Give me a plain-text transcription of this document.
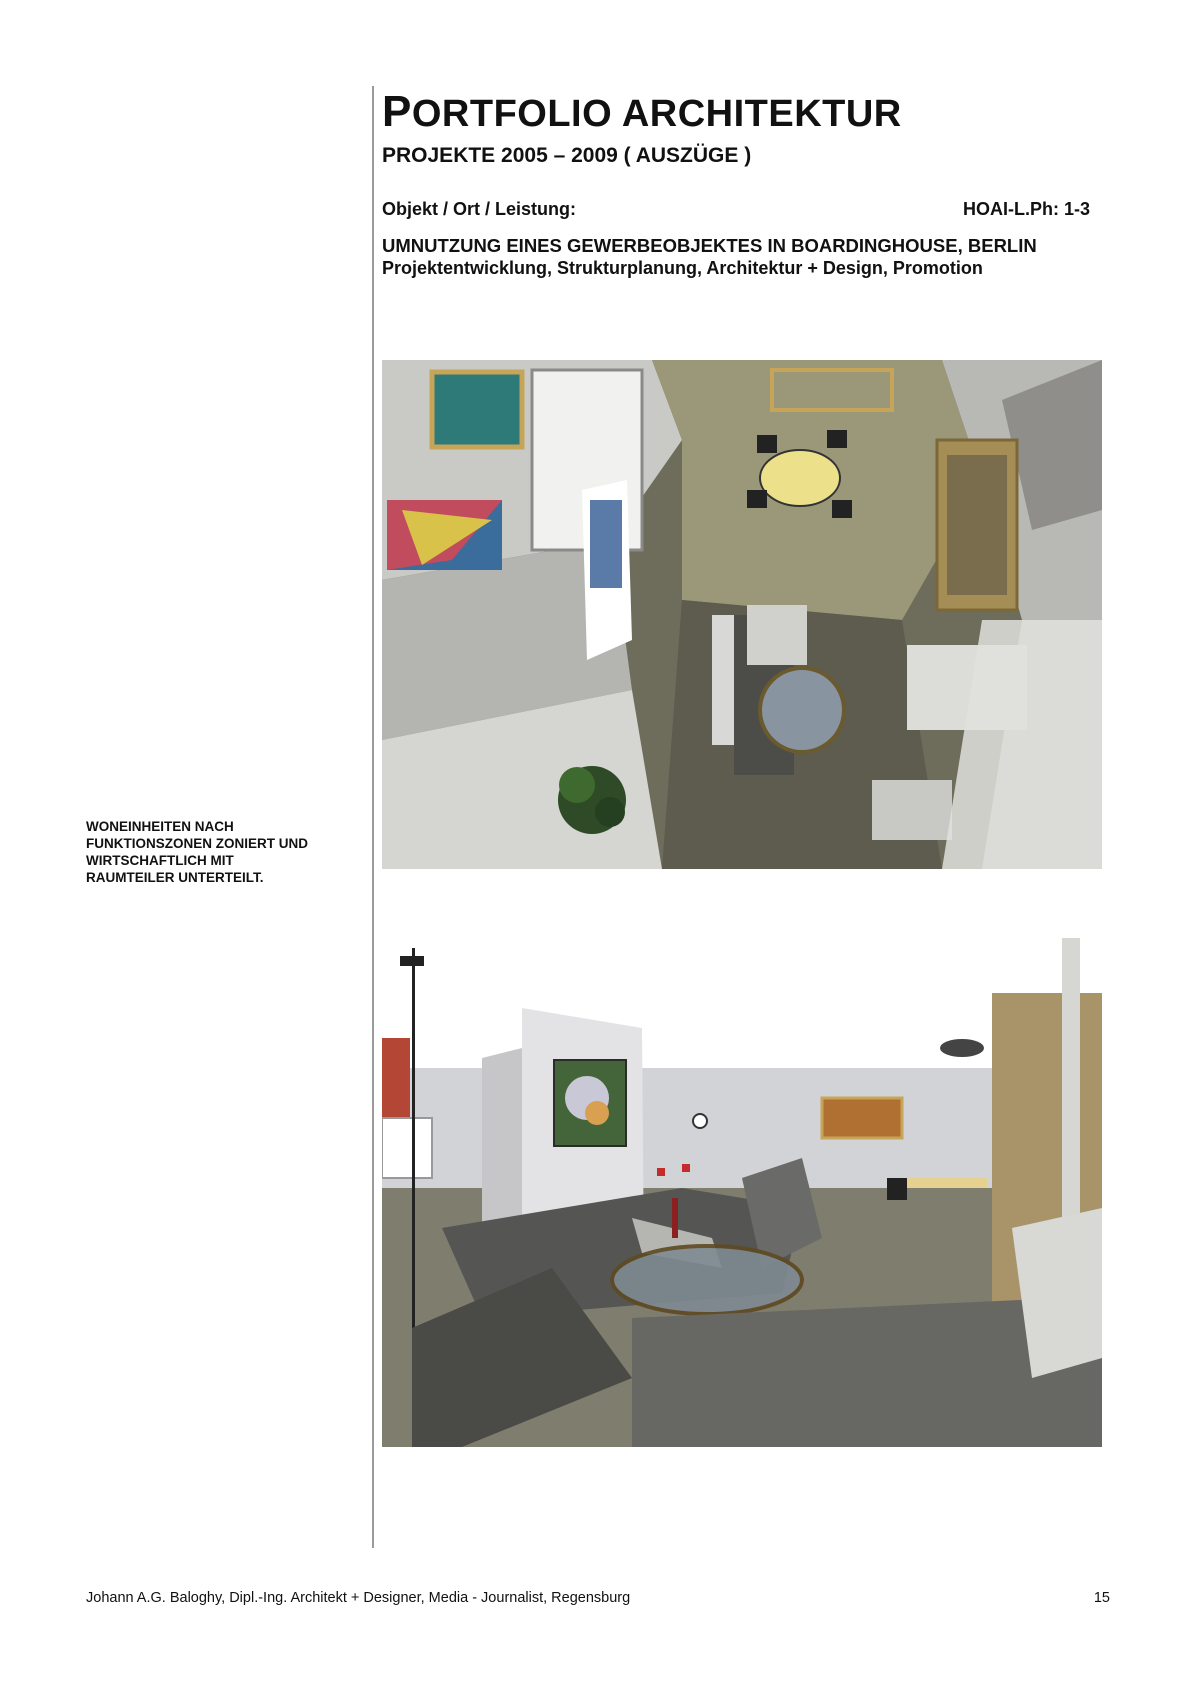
PORTFOLIO ARCHITEKTUR
PROJEKTE 2005 – 2009 ( AUSZÜGE )
Objekt / Ort / Leistung:	HOAI-L.Ph: 1-3
UMNUTZUNG EINES GEWERBEOBJEKTES IN BOARDINGHOUSE, BERLIN
Projektentwicklung, Strukturplanung, Architektur + Design, Promotion
WONEINHEITEN NACH
FUNKTIONSZONEN ZONIERT UND
WIRTSCHAFTLICH MIT
RAUMTEILER UNTERTEILT.
Johann A.G. Baloghy, Dipl.-Ing. Architekt + Designer, Media - Journalist, Regensburg	15
